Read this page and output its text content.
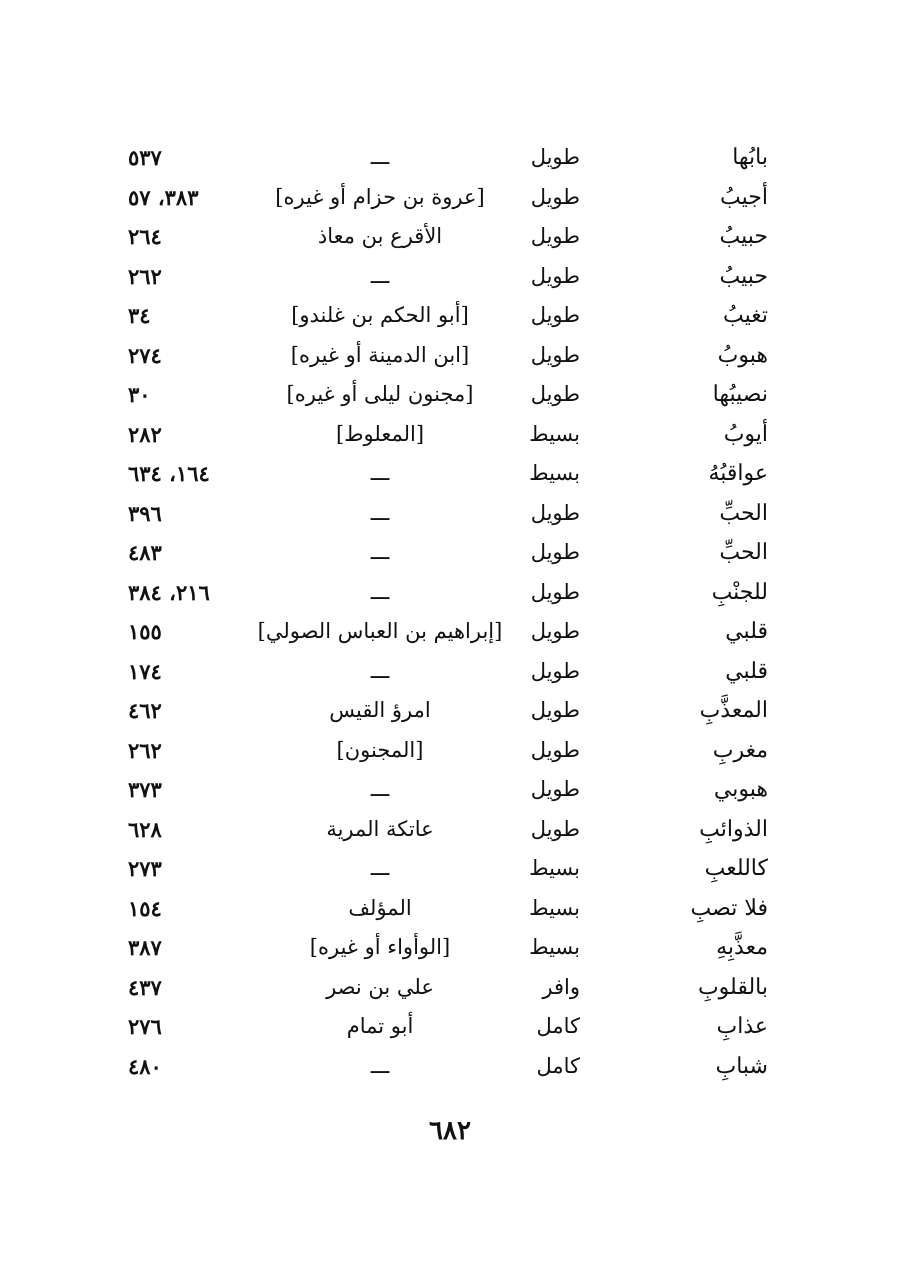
بابُها
طويل
ـــ
٥٣٧
أجيبُ
طويل
[عروة بن حزام أو غيره]
٣٨٣، ٥٧
حبيبُ
طويل
الأقرع بن معاذ
٢٦٤
حبيبُ
طويل
ـــ
٢٦٢
تغيبُ
طويل
[أبو الحكم بن غلندو]
٣٤
هبوبُ
طويل
[ابن الدمينة أو غيره]
٢٧٤
نصيبُها
طويل
[مجنون ليلى أو غيره]
٣٠
أيوبُ
بسيط
[المعلوط]
٢٨٢
عواقبُهُ
بسيط
ـــ
١٦٤، ٦٣٤
الحبِّ
طويل
ـــ
٣٩٦
الحبِّ
طويل
ـــ
٤٨٣
للجنْبِ
طويل
ـــ
٢١٦، ٣٨٤
قلبي
طويل
[إبراهيم بن العباس الصولي]
١٥٥
قلبي
طويل
ـــ
١٧٤
المعذَّبِ
طويل
امرؤ القيس
٤٦٢
مغربِ
طويل
[المجنون]
٢٦٢
هبوبي
طويل
ـــ
٣٧٣
الذوائبِ
طويل
عاتكة المرية
٦٢٨
كاللعبِ
بسيط
ـــ
٢٧٣
فلا تصبِ
بسيط
المؤلف
١٥٤
معذَّبِهِ
بسيط
[الوأواء أو غيره]
٣٨٧
بالقلوبِ
وافر
علي بن نصر
٤٣٧
عذابِ
كامل
أبو تمام
٢٧٦
شبابِ
كامل
ـــ
٤٨٠
٦٨٢
